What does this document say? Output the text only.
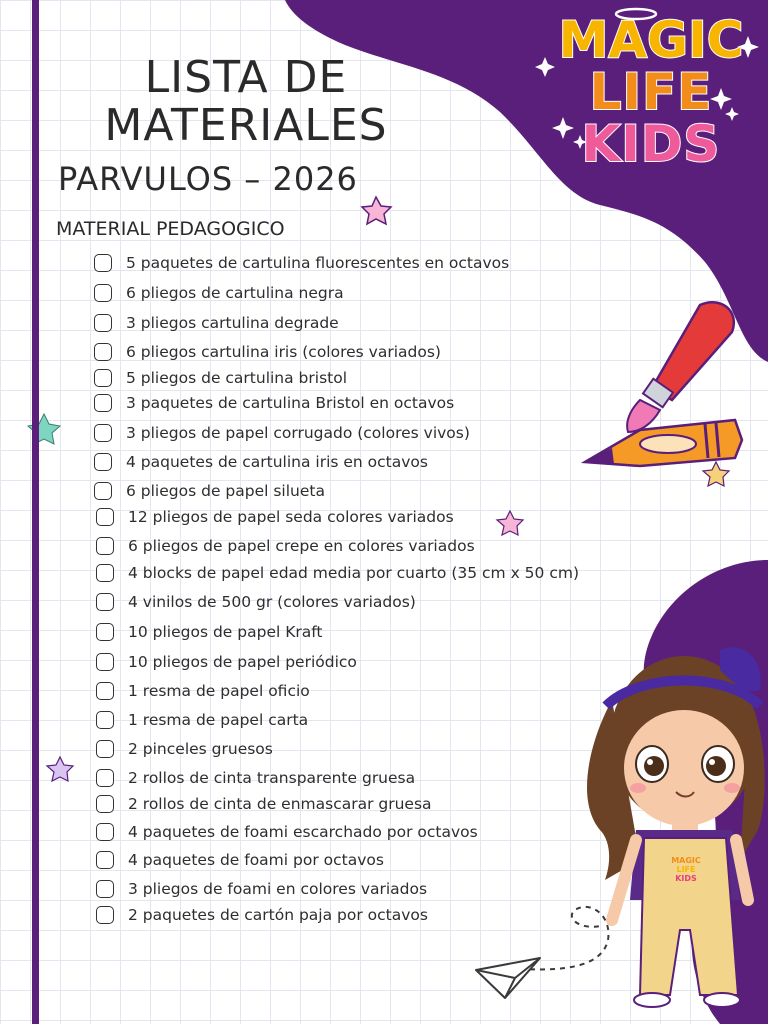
MAGIC
LIFE
KIDS
MAGIC
LIFE
KIDS
LISTA DE MATERIALES
PARVULOS – 2026
MATERIAL PEDAGOGICO
5 paquetes de cartulina fluorescentes en octavos
6 pliegos de cartulina negra
3 pliegos cartulina degrade
6 pliegos cartulina iris (colores variados)
5 pliegos de cartulina bristol
3 paquetes de cartulina Bristol en octavos
3 pliegos de papel corrugado (colores vivos)
4 paquetes de cartulina iris en octavos
6 pliegos de papel silueta
12 pliegos de papel seda colores variados
6 pliegos de papel crepe en colores variados
4 blocks de papel edad media por cuarto (35 cm x 50 cm)
4 vinilos de 500 gr (colores variados)
10 pliegos de papel Kraft
10 pliegos de papel periódico
1 resma de papel oficio
1 resma de papel carta
2 pinceles gruesos
2 rollos de cinta transparente gruesa
2 rollos de cinta de enmascarar gruesa
4 paquetes de foami escarchado por octavos
4 paquetes de foami por octavos
3 pliegos de foami en colores variados
2 paquetes de cartón paja por octavos
